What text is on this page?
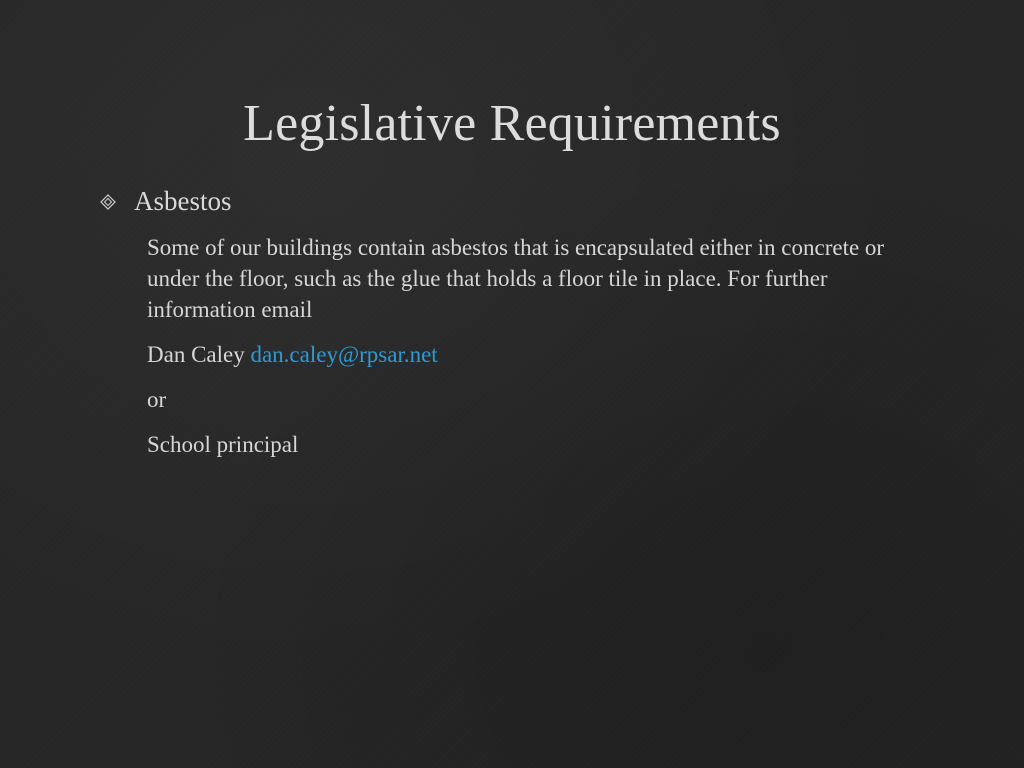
Legislative Requirements
Asbestos

Some of our buildings contain asbestos that is encapsulated either in concrete or under the floor, such as the glue that holds a floor tile in place. For further information email

Dan Caley dan.caley@rpsar.net

or

School principal
